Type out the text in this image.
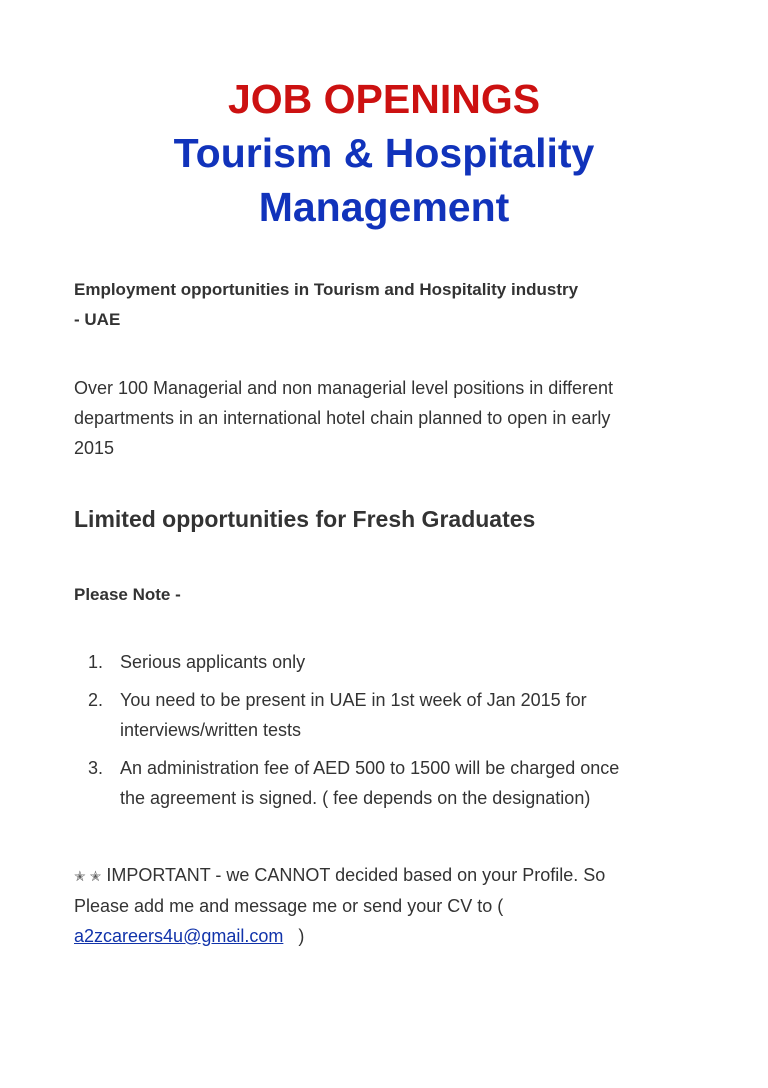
JOB OPENINGS
Tourism & Hospitality
Management
Employment opportunities in Tourism and Hospitality industry
- UAE
Over 100 Managerial and non managerial level positions in different
departments in an international hotel chain planned to open in early
2015
Limited opportunities for Fresh Graduates
Please Note -
1. Serious applicants only
2. You need to be present in UAE in 1st week of Jan 2015 for
interviews/written tests
3. An administration fee of AED 500 to 1500 will be charged once
the agreement is signed. ( fee depends on the designation)
✭ ✭ IMPORTANT - we CANNOT decided based on your Profile. So
Please add me and message me or send your CV to (
a2zcareers4u@gmail.com )
